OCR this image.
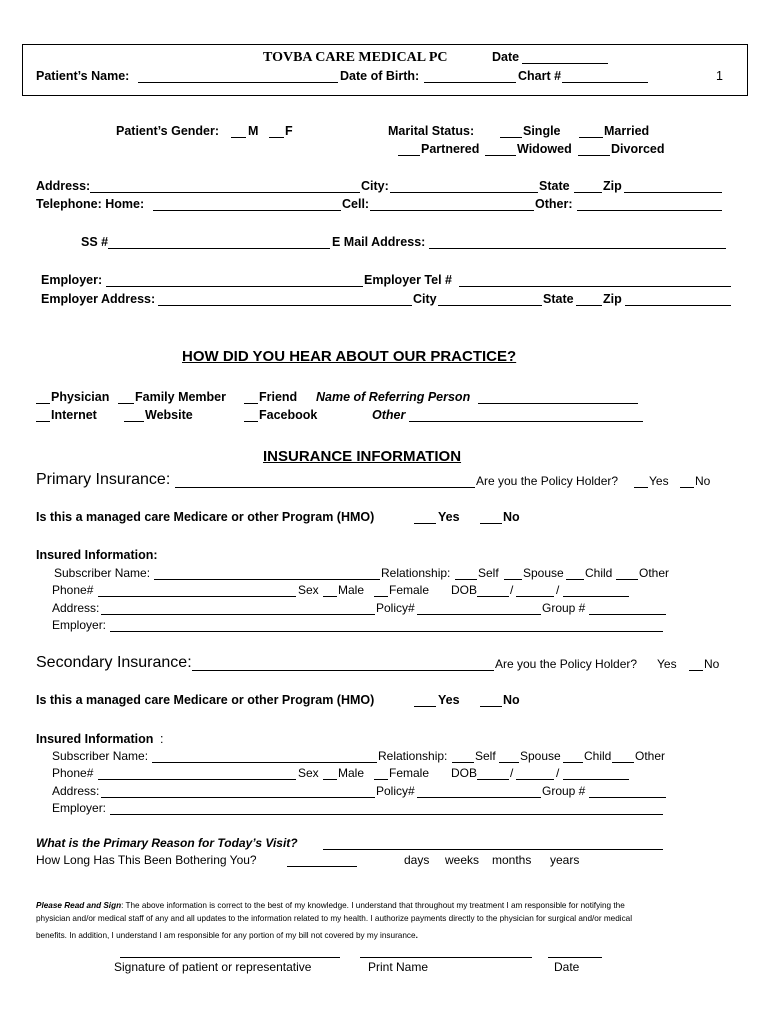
TOVBA CARE MEDICAL PC	Date
Patient’s Name:	Date of Birth:	Chart #	1
Patient’s Gender: M F	Marital Status:	Single	Married
Partnered	Widowed	Divorced
Address:	City:	State	Zip
Telephone: Home:	Cell:	Other:
SS #	E Mail Address:
Employer:	Employer Tel #
Employer Address:	City	State Zip
HOW DID YOU HEAR ABOUT OUR PRACTICE?
Physician Family Member	Friend Name of Referring Person
Internet	Website	Facebook	Other
INSURANCE INFORMATION
Primary Insurance:	Are you the Policy Holder?	Yes No
Is this a managed care Medicare or other Program (HMO)	Yes	No
Insured Information:
Subscriber Name:	Relationship: Self Spouse Child Other
Phone#	Sex Male Female DOB	/	/
Address:	Policy#	Group #
Employer:
Secondary Insurance:	Are you the Policy Holder? Yes No
Is this a managed care Medicare or other Program (HMO)	Yes	No
Insured Information :
Subscriber Name:	Relationship: Self Spouse Child Other
Phone#	Sex Male Female DOB	/	/
Address:	Policy#	Group #
Employer:
What is the Primary Reason for Today’s Visit?
How Long Has This Been Bothering You?	days weeks months years
Please Read and Sign: The above information is correct to the best of my knowledge. I understand that throughout my treatment I am responsible for notifying the
physician and/or medical staff of any and all updates to the information related to my health. I authorize payments directly to the physician for surgical and/or medical
benefits. In addition, I understand I am responsible for any portion of my bill not covered by my insurance.
Signature of patient or representative	Print Name	Date
